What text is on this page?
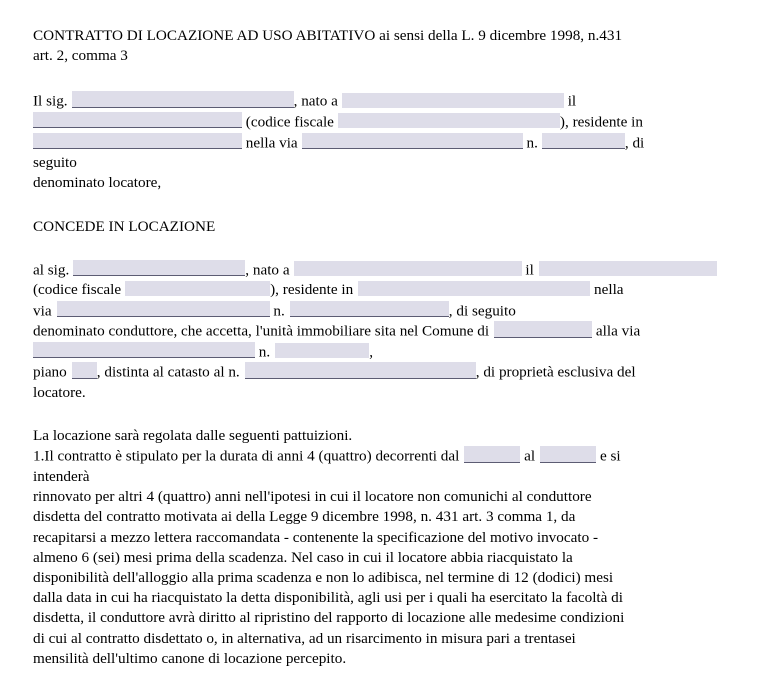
CONTRATTO DI LOCAZIONE AD USO ABITATIVO ai sensi della L. 9 dicembre 1998, n.431
art. 2, comma 3
Il sig.	, nato a	il
(codice fiscale	), residente in
nella via	n.	, di
seguito
denominato locatore,
CONCEDE IN LOCAZIONE
al sig.	, nato a	il
(codice fiscale	), residente in	nella
via	n.	, di seguito
denominato conduttore, che accetta, l'unità immobiliare sita nel Comune di	alla via
n.	,
piano , distinta al catasto al n.	, di proprietà esclusiva del
locatore.
La locazione sarà regolata dalle seguenti pattuizioni.
1.Il contratto è stipulato per la durata di anni 4 (quattro) decorrenti dal	al	e si
intenderà
rinnovato per altri 4 (quattro) anni nell'ipotesi in cui il locatore non comunichi al conduttore
disdetta del contratto motivata ai della Legge 9 dicembre 1998, n. 431 art. 3 comma 1, da
recapitarsi a mezzo lettera raccomandata - contenente la specificazione del motivo invocato -
almeno 6 (sei) mesi prima della scadenza. Nel caso in cui il locatore abbia riacquistato la
disponibilità dell'alloggio alla prima scadenza e non lo adibisca, nel termine di 12 (dodici) mesi
dalla data in cui ha riacquistato la detta disponibilità, agli usi per i quali ha esercitato la facoltà di
disdetta, il conduttore avrà diritto al ripristino del rapporto di locazione alle medesime condizioni
di cui al contratto disdettato o, in alternativa, ad un risarcimento in misura pari a trentasei
mensilità dell'ultimo canone di locazione percepito.
